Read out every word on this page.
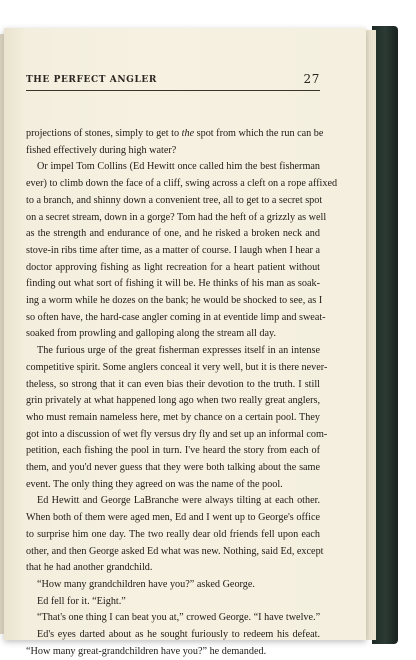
THE PERFECT ANGLER	27
projections of stones, simply to get to the spot from which the run can be
fished effectively during high water?
Or impel Tom Collins (Ed Hewitt once called him the best fisherman
ever) to climb down the face of a cliff, swing across a cleft on a rope affixed
to a branch, and shinny down a convenient tree, all to get to a secret spot
on a secret stream, down in a gorge? Tom had the heft of a grizzly as well
as the strength and endurance of one, and he risked a broken neck and
stove-in ribs time after time, as a matter of course. I laugh when I hear a
doctor approving fishing as light recreation for a heart patient without
finding out what sort of fishing it will be. He thinks of his man as soak-
ing a worm while he dozes on the bank; he would be shocked to see, as I
so often have, the hard-case angler coming in at eventide limp and sweat-
soaked from prowling and galloping along the stream all day.
The furious urge of the great fisherman expresses itself in an intense
competitive spirit. Some anglers conceal it very well, but it is there never-
theless, so strong that it can even bias their devotion to the truth. I still
grin privately at what happened long ago when two really great anglers,
who must remain nameless here, met by chance on a certain pool. They
got into a discussion of wet fly versus dry fly and set up an informal com-
petition, each fishing the pool in turn. I've heard the story from each of
them, and you'd never guess that they were both talking about the same
event. The only thing they agreed on was the name of the pool.
Ed Hewitt and George LaBranche were always tilting at each other.
When both of them were aged men, Ed and I went up to George's office
to surprise him one day. The two really dear old friends fell upon each
other, and then George asked Ed what was new. Nothing, said Ed, except
that he had another grandchild.
“How many grandchildren have you?” asked George.
Ed fell for it. “Eight.”
“That's one thing I can beat you at,” crowed George. “I have twelve.”
Ed's eyes darted about as he sought furiously to redeem his defeat.
“How many great-grandchildren have you?” he demanded.
